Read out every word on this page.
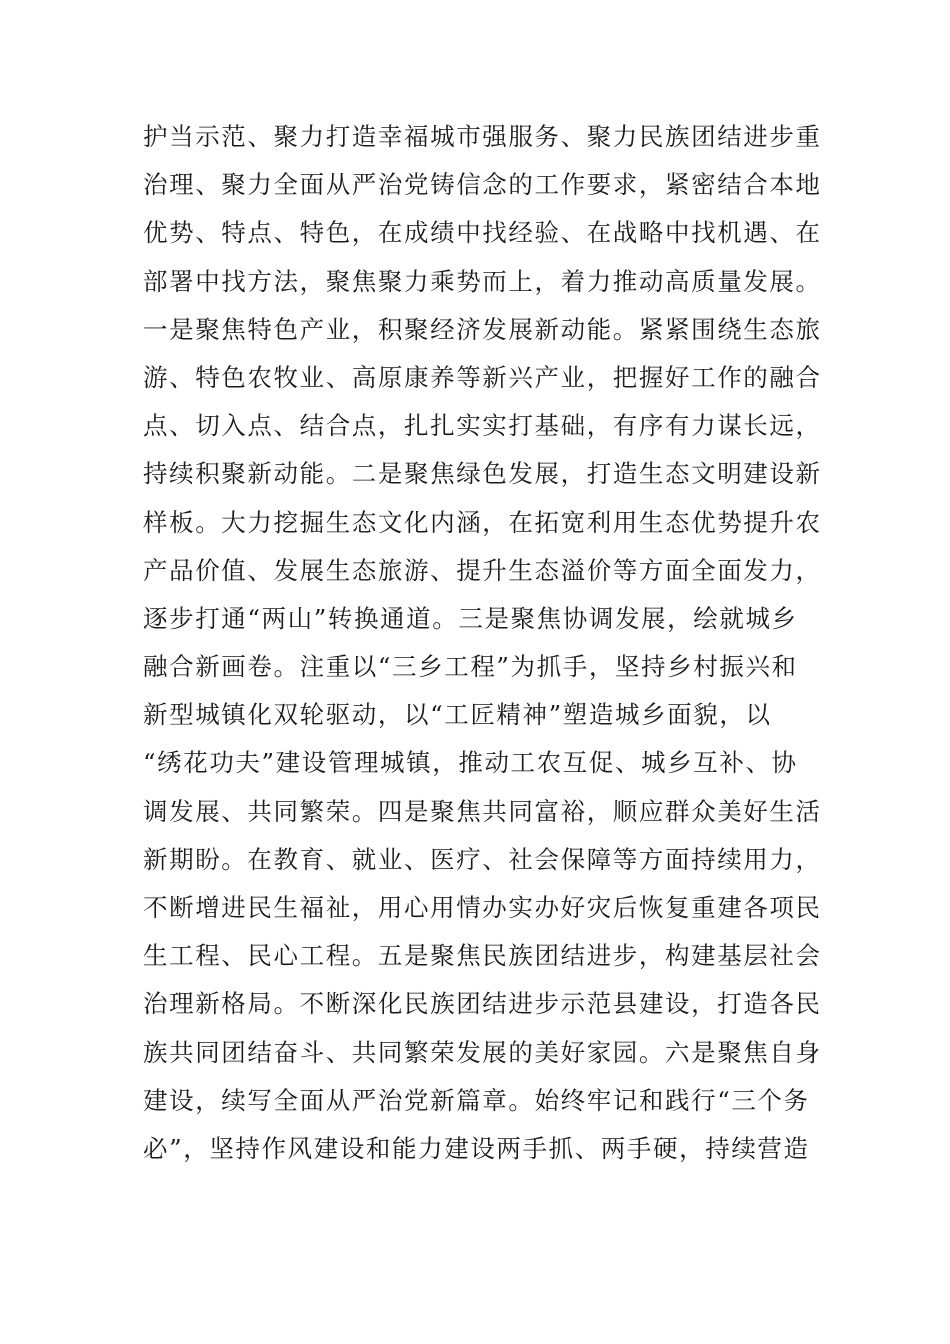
护当示范、聚力打造幸福城市强服务、聚力民族团结进步重
治理、聚力全面从严治党铸信念的工作要求，紧密结合本地
优势、特点、特色，在成绩中找经验、在战略中找机遇、在
部署中找方法，聚焦聚力乘势而上，着力推动高质量发展。
一是聚焦特色产业，积聚经济发展新动能。紧紧围绕生态旅
游、特色农牧业、高原康养等新兴产业，把握好工作的融合
点、切入点、结合点，扎扎实实打基础，有序有力谋长远，
持续积聚新动能。二是聚焦绿色发展，打造生态文明建设新
样板。大力挖掘生态文化内涵，在拓宽利用生态优势提升农
产品价值、发展生态旅游、提升生态溢价等方面全面发力，
逐步打通“两山”转换通道。三是聚焦协调发展，绘就城乡
融合新画卷。注重以“三乡工程”为抓手，坚持乡村振兴和
新型城镇化双轮驱动，以“工匠精神”塑造城乡面貌，以
“绣花功夫”建设管理城镇，推动工农互促、城乡互补、协
调发展、共同繁荣。四是聚焦共同富裕，顺应群众美好生活
新期盼。在教育、就业、医疗、社会保障等方面持续用力，
不断增进民生福祉，用心用情办实办好灾后恢复重建各项民
生工程、民心工程。五是聚焦民族团结进步，构建基层社会
治理新格局。不断深化民族团结进步示范县建设，打造各民
族共同团结奋斗、共同繁荣发展的美好家园。六是聚焦自身
建设，续写全面从严治党新篇章。始终牢记和践行“三个务
必”，坚持作风建设和能力建设两手抓、两手硬，持续营造
